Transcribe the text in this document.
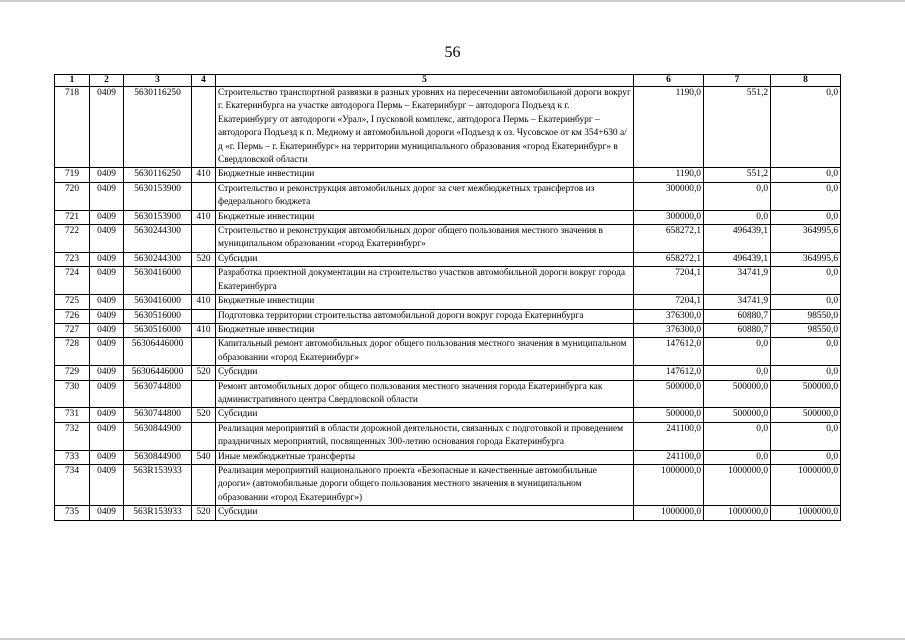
56
1	2	3	4	5	6	7	8
718	0409	5630116250		Строительство транспортной развязки в разных уровнях на пересечении автомобильной дороги вокруг г. Екатеринбурга на участке автодорога Пермь – Екатеринбург – автодорога Подъезд к г. Екатеринбургу от автодороги «Урал», I пусковой комплекс, автодорога Пермь – Екатеринбург – автодорога Подъезд к п. Медному и автомобильной дороги «Подъезд к оз. Чусовское от км 354+630 а/д «г. Пермь – г. Екатеринбург» на территории муниципального образования «город Екатеринбург» в Свердловской области	1190,0	551,2	0,0
719	0409	5630116250	410	Бюджетные инвестиции	1190,0	551,2	0,0
720	0409	5630153900		Строительство и реконструкция автомобильных дорог за счет межбюджетных трансфертов из федерального бюджета	300000,0	0,0	0,0
721	0409	5630153900	410	Бюджетные инвестиции	300000,0	0,0	0,0
722	0409	5630244300		Строительство и реконструкция автомобильных дорог общего пользования местного значения в муниципальном образовании «город Екатеринбург»	658272,1	496439,1	364995,6
723	0409	5630244300	520	Субсидии	658272,1	496439,1	364995,6
724	0409	5630416000		Разработка проектной документации на строительство участков автомобильной дороги вокруг города Екатеринбурга	7204,1	34741,9	0,0
725	0409	5630416000	410	Бюджетные инвестиции	7204,1	34741,9	0,0
726	0409	5630516000		Подготовка территории строительства автомобильной дороги вокруг города Екатеринбурга	376300,0	60880,7	98550,0
727	0409	5630516000	410	Бюджетные инвестиции	376300,0	60880,7	98550,0
728	0409	56306446000		Капитальный ремонт автомобильных дорог общего пользования местного значения в муниципальном образовании «город Екатеринбург»	147612,0	0,0	0,0
729	0409	56306446000	520	Субсидии	147612,0	0,0	0,0
730	0409	5630744800		Ремонт автомобильных дорог общего пользования местного значения города Екатеринбурга как административного центра Свердловской области	500000,0	500000,0	500000,0
731	0409	5630744800	520	Субсидии	500000,0	500000,0	500000,0
732	0409	5630844900		Реализация мероприятий в области дорожной деятельности, связанных с подготовкой и проведением праздничных мероприятий, посвященных 300-летию основания города Екатеринбурга	241100,0	0,0	0,0
733	0409	5630844900	540	Иные межбюджетные трансферты	241100,0	0,0	0,0
734	0409	563R153933		Реализация мероприятий национального проекта «Безопасные и качественные автомобильные дороги» (автомобильные дороги общего пользования местного значения в муниципальном образовании «город Екатеринбург»)	1000000,0	1000000,0	1000000,0
735	0409	563R153933	520	Субсидии	1000000,0	1000000,0	1000000,0
